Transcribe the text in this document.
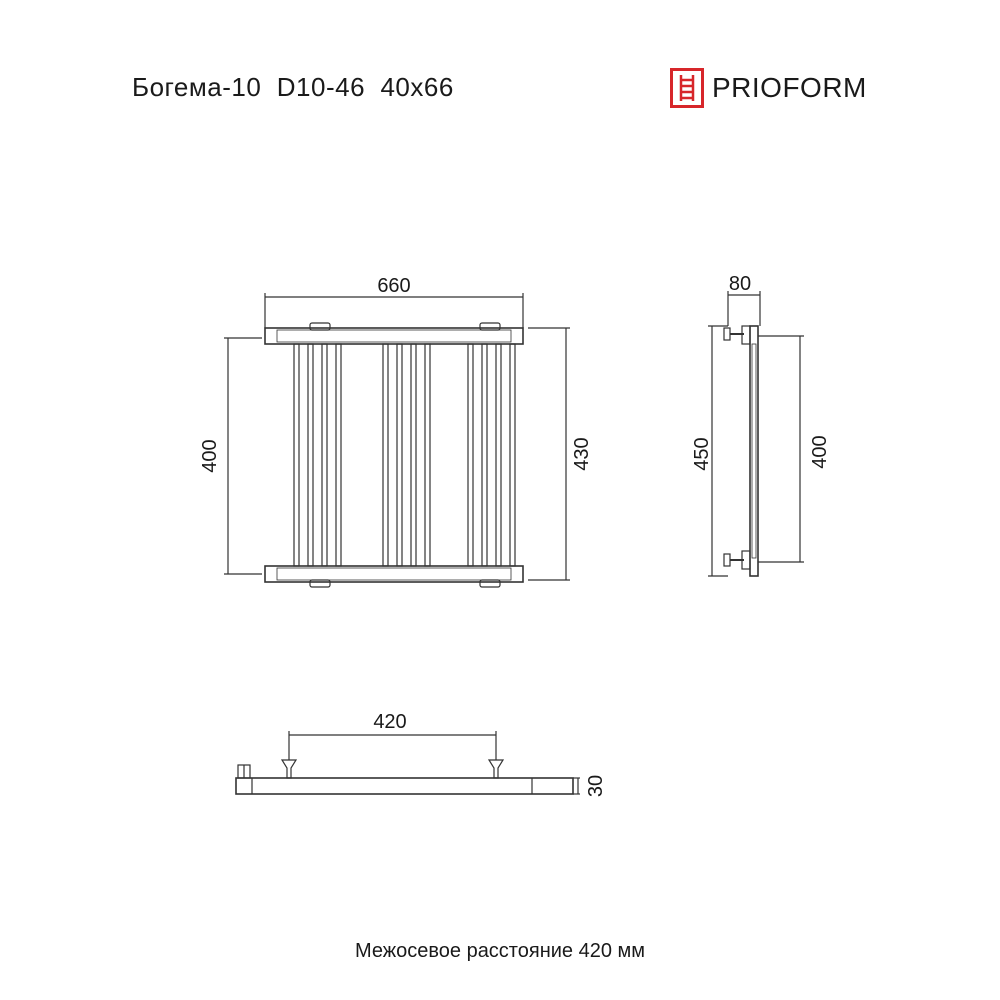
Богема-10  D10-46  40х66	PRIOFORM
660
400	430
80
450	400
420
30
Межосевое расстояние 420 мм
